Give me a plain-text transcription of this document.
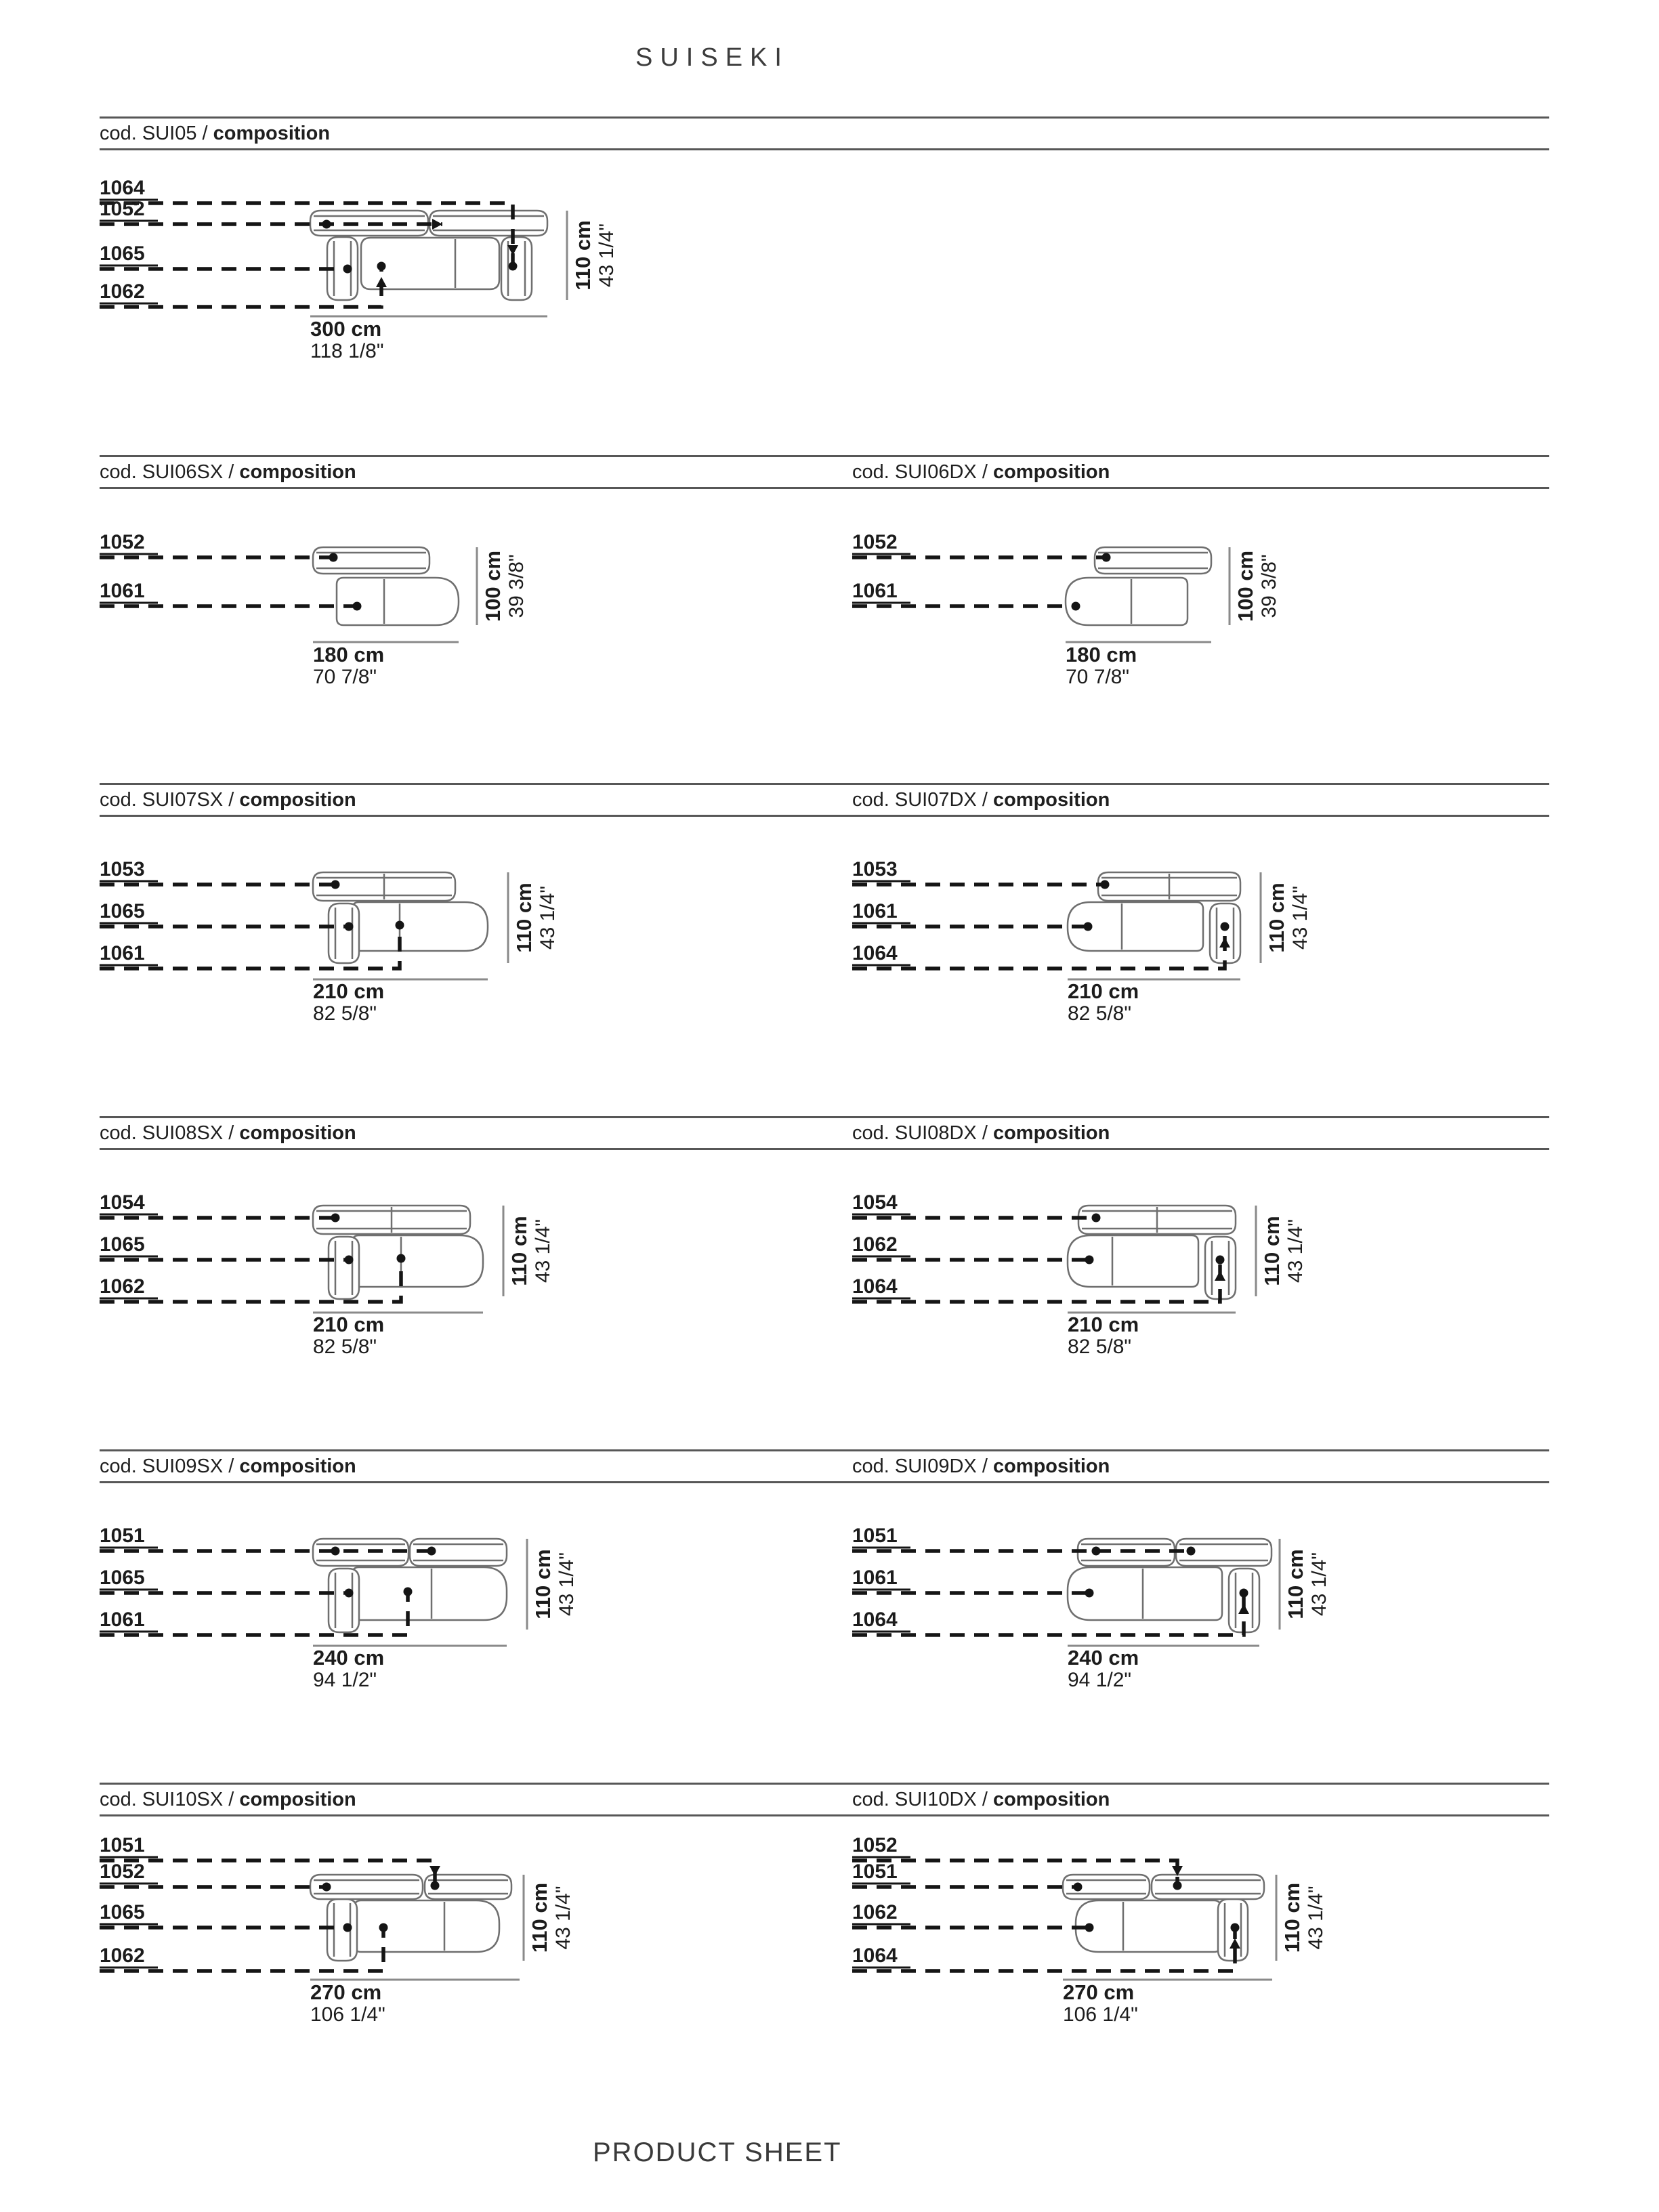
SUISEKI
cod. SUI05 / composition
300 cm
118 1/8"
110 cm 43 1/4"
1064
1052
1065
1062
cod. SUI06SX / composition
180 cm
70 7/8"
100 cm 39 3/8"
1052
1061
cod. SUI06DX / composition
180 cm
70 7/8"
100 cm 39 3/8"
1052
1061
cod. SUI07SX / composition
210 cm
82 5/8"
110 cm 43 1/4"
1053
1065
1061
cod. SUI07DX / composition
210 cm
82 5/8"
110 cm 43 1/4"
1053
1061
1064
cod. SUI08SX / composition
210 cm
82 5/8"
110 cm 43 1/4"
1054
1065
1062
cod. SUI08DX / composition
210 cm
82 5/8"
110 cm 43 1/4"
1054
1062
1064
cod. SUI09SX / composition
240 cm
94 1/2"
110 cm 43 1/4"
1051
1065
1061
cod. SUI09DX / composition
240 cm
94 1/2"
110 cm 43 1/4"
1051
1061
1064
cod. SUI10SX / composition
270 cm
106 1/4"
110 cm 43 1/4"
1051
1052
1065
1062
cod. SUI10DX / composition
270 cm
106 1/4"
110 cm 43 1/4"
1052
1051
1062
1064
PRODUCT SHEET
